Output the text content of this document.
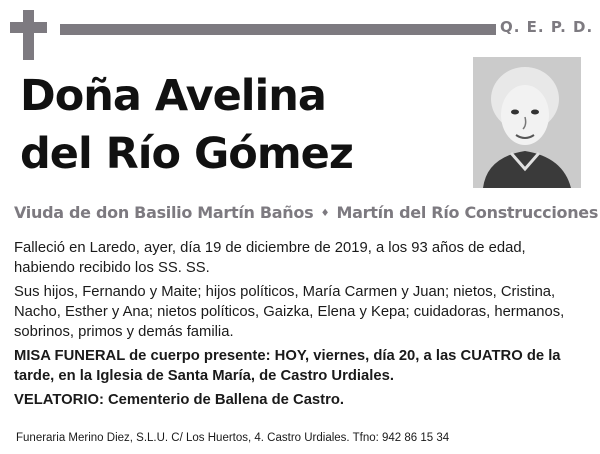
Q. E. P. D.
Doña Avelina
del Río Gómez
Viuda de don Basilio Martín Baños ♦ Martín del Río Construcciones

Falleció en Laredo, ayer, día 19 de diciembre de 2019, a los 93 años de edad, habiendo recibido los SS. SS.

Sus hijos, Fernando y Maite; hijos políticos, María Carmen y Juan; nietos, Cristina, Nacho, Esther y Ana; nietos políticos, Gaizka, Elena y Kepa; cuidadoras, hermanos, sobrinos, primos y demás familia.

MISA FUNERAL de cuerpo presente: HOY, viernes, día 20, a las CUATRO de la tarde, en la Iglesia de Santa María, de Castro Urdiales.

VELATORIO: Cementerio de Ballena de Castro.

Funeraria Merino Diez, S.L.U. C/ Los Huertos, 4. Castro Urdiales. Tfno: 942 86 15 34
